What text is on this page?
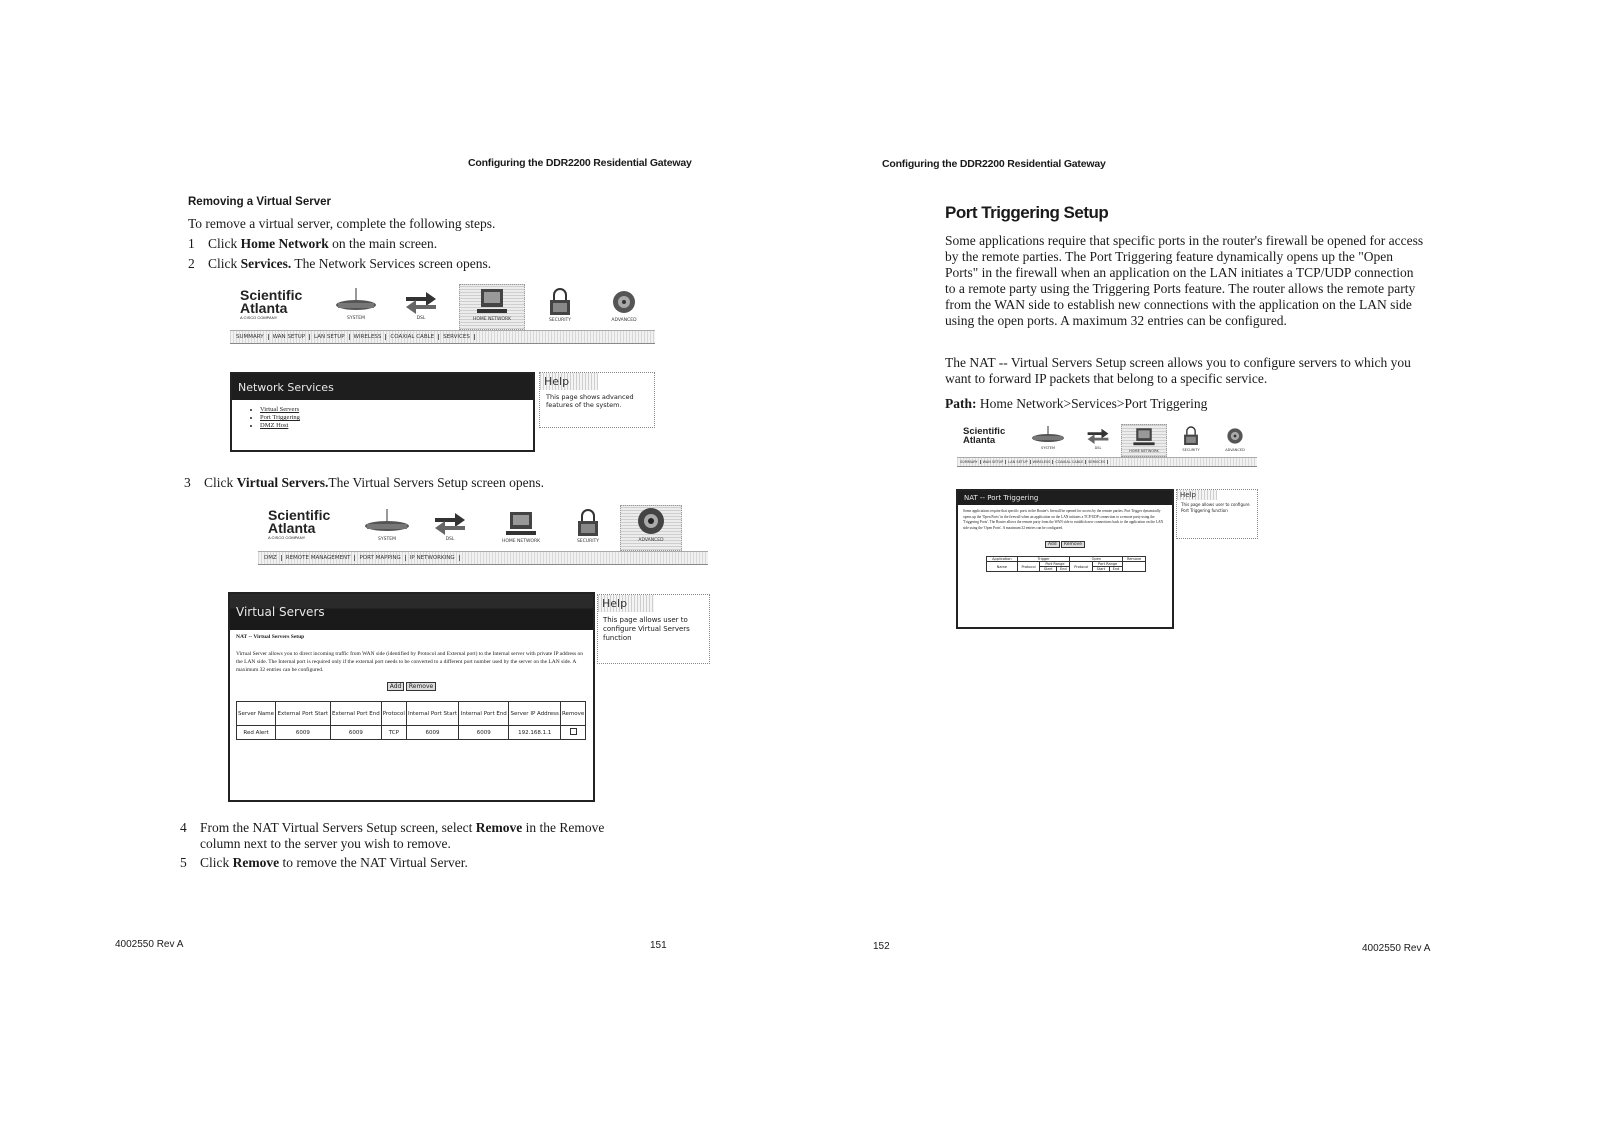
Configuring the DDR2200 Residential Gateway
Removing a Virtual Server
To remove a virtual server, complete the following steps.
1 Click Home Network on the main screen.
2 Click Services. The Network Services screen opens.
Scientific
Atlanta
A CISCO COMPANY	SYSTEM	DSL	HOME NETWORK	SECURITY	ADVANCED
SUMMARY	WAN SETUP	LAN SETUP	WIRELESS	COAXIAL CABLE	SERVICES
Network Services
• Virtual Servers
• Port Triggering
• DMZ Host
Help
This page shows advanced features of the system.
3 Click Virtual Servers.The Virtual Servers Setup screen opens.
Scientific
Atlanta
A CISCO COMPANY	SYSTEM	DSL	HOME NETWORK	SECURITY	ADVANCED
DMZ	REMOTE MANAGEMENT	PORT MAPPING	IP NETWORKING
Virtual Servers
NAT -- Virtual Servers Setup
Virtual Server allows you to direct incoming traffic from WAN side (identified by Protocol and External port) to the Internal server with private IP address on the LAN side. The Internal port is required only if the external port needs to be converted to a different port number used by the server on the LAN side. A maximum 32 entries can be configured.
Add Remove
Server Name	External Port Start	External Port End	Protocol	Internal Port Start	Internal Port End	Server IP Address	Remove
Red Alert	6009	6009	TCP	6009	6009	192.168.1.1	
Help
This page allows user to configure Virtual Servers function
4 From the NAT Virtual Servers Setup screen, select Remove in the Remove
column next to the server you wish to remove.
5 Click Remove to remove the NAT Virtual Server.
4002550 Rev A	151
Configuring the DDR2200 Residential Gateway
Port Triggering Setup
Some applications require that specific ports in the router's firewall be opened for access by the remote parties. The Port Triggering feature dynamically opens up the "Open Ports" in the firewall when an application on the LAN initiates a TCP/UDP connection to a remote party using the Triggering Ports feature. The router allows the remote party from the WAN side to establish new connections with the application on the LAN side using the open ports. A maximum 32 entries can be configured.
The NAT -- Virtual Servers Setup screen allows you to configure servers to which you want to forward IP packets that belong to a specific service.
Path: Home Network>Services>Port Triggering
Scientific
Atlanta
SYSTEM	DSL
HOME NETWORK	SECURITY	ADVANCED
SUMMARY	WAN SETUP	LAN SETUP	WIRELESS	COAXIAL CABLE	SERVICES
NAT -- Port Triggering
Some applications require that specific ports in the Router's firewall be opened for access by the remote parties. Port Trigger dynamically opens up the 'Open Ports' in the firewall when an application on the LAN initiates a TCP/UDP connection to a remote party using the 'Triggering Ports'. The Router allows the remote party from the WAN side to establish new connections back to the application on the LAN side using the 'Open Ports'. A maximum 32 entries can be configured.
Add Remove
Application	Trigger			Open			Remove
Name	Protocol	Port Range		Protocol	Port Range		
		Start	End		Start	End	
Help
This page allows user to configure Port Triggering function
152	4002550 Rev A
